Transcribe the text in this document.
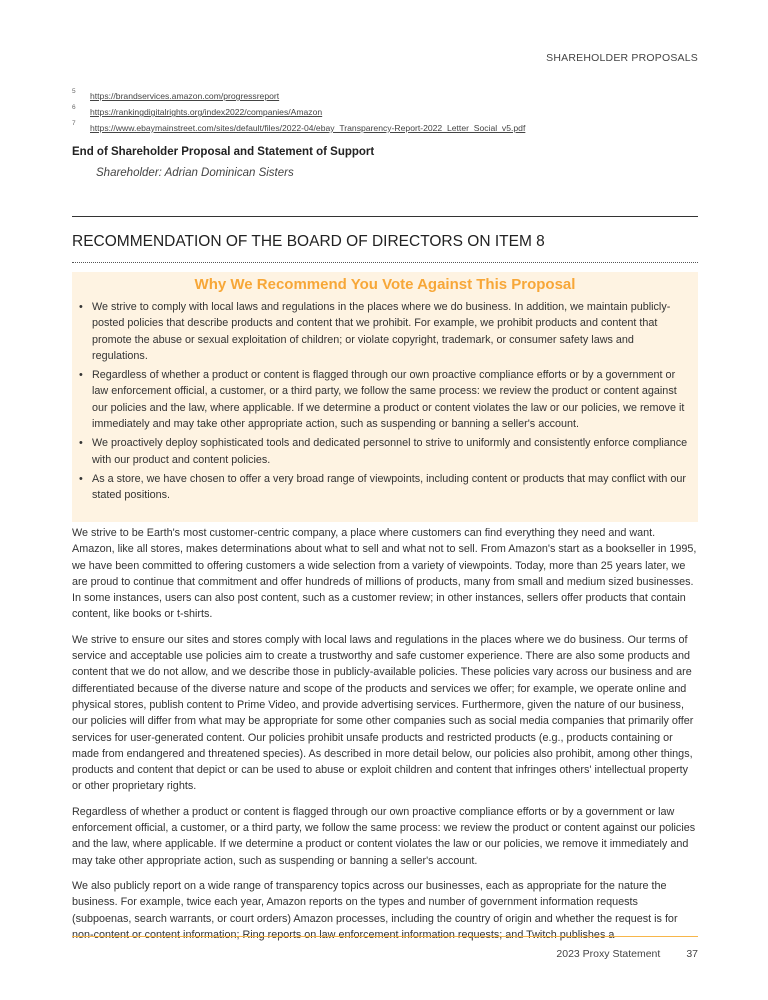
SHAREHOLDER PROPOSALS
5 https://brandservices.amazon.com/progressreport
6 https://rankingdigitalrights.org/index2022/companies/Amazon
7 https://www.ebaymainstreet.com/sites/default/files/2022-04/ebay_Transparency-Report-2022_Letter_Social_v5.pdf
End of Shareholder Proposal and Statement of Support
Shareholder: Adrian Dominican Sisters
RECOMMENDATION OF THE BOARD OF DIRECTORS ON ITEM 8
Why We Recommend You Vote Against This Proposal
• We strive to comply with local laws and regulations in the places where we do business. In addition, we maintain publicly-posted policies that describe products and content that we prohibit. For example, we prohibit products and content that promote the abuse or sexual exploitation of children; or violate copyright, trademark, or consumer safety laws and regulations.
• Regardless of whether a product or content is flagged through our own proactive compliance efforts or by a government or law enforcement official, a customer, or a third party, we follow the same process: we review the product or content against our policies and the law, where applicable. If we determine a product or content violates the law or our policies, we remove it immediately and may take other appropriate action, such as suspending or banning a seller's account.
• We proactively deploy sophisticated tools and dedicated personnel to strive to uniformly and consistently enforce compliance with our product and content policies.
• As a store, we have chosen to offer a very broad range of viewpoints, including content or products that may conflict with our stated positions.

We strive to be Earth's most customer-centric company, a place where customers can find everything they need and want. Amazon, like all stores, makes determinations about what to sell and what not to sell. From Amazon's start as a bookseller in 1995, we have been committed to offering customers a wide selection from a variety of viewpoints. Today, more than 25 years later, we are proud to continue that commitment and offer hundreds of millions of products, many from small and medium sized businesses. In some instances, users can also post content, such as a customer review; in other instances, sellers offer products that contain content, like books or t-shirts.

We strive to ensure our sites and stores comply with local laws and regulations in the places where we do business. Our terms of service and acceptable use policies aim to create a trustworthy and safe customer experience. There are also some products and content that we do not allow, and we describe those in publicly-available policies. These policies vary across our business and are differentiated because of the diverse nature and scope of the products and services we offer; for example, we operate online and physical stores, publish content to Prime Video, and provide advertising services. Furthermore, given the nature of our business, our policies will differ from what may be appropriate for some other companies such as social media companies that primarily offer services for user-generated content. Our policies prohibit unsafe products and restricted products (e.g., products containing or made from endangered and threatened species). As described in more detail below, our policies also prohibit, among other things, products and content that depict or can be used to abuse or exploit children and content that infringes others' intellectual property or other proprietary rights.

Regardless of whether a product or content is flagged through our own proactive compliance efforts or by a government or law enforcement official, a customer, or a third party, we follow the same process: we review the product or content against our policies and the law, where applicable. If we determine a product or content violates the law or our policies, we remove it immediately and may take other appropriate action, such as suspending or banning a seller's account.

We also publicly report on a wide range of transparency topics across our businesses, each as appropriate for the nature the business. For example, twice each year, Amazon reports on the types and number of government information requests (subpoenas, search warrants, or court orders) Amazon processes, including the country of origin and whether the request is for non-content or content information; Ring reports on law enforcement information requests; and Twitch publishes a

2023 Proxy Statement 37
